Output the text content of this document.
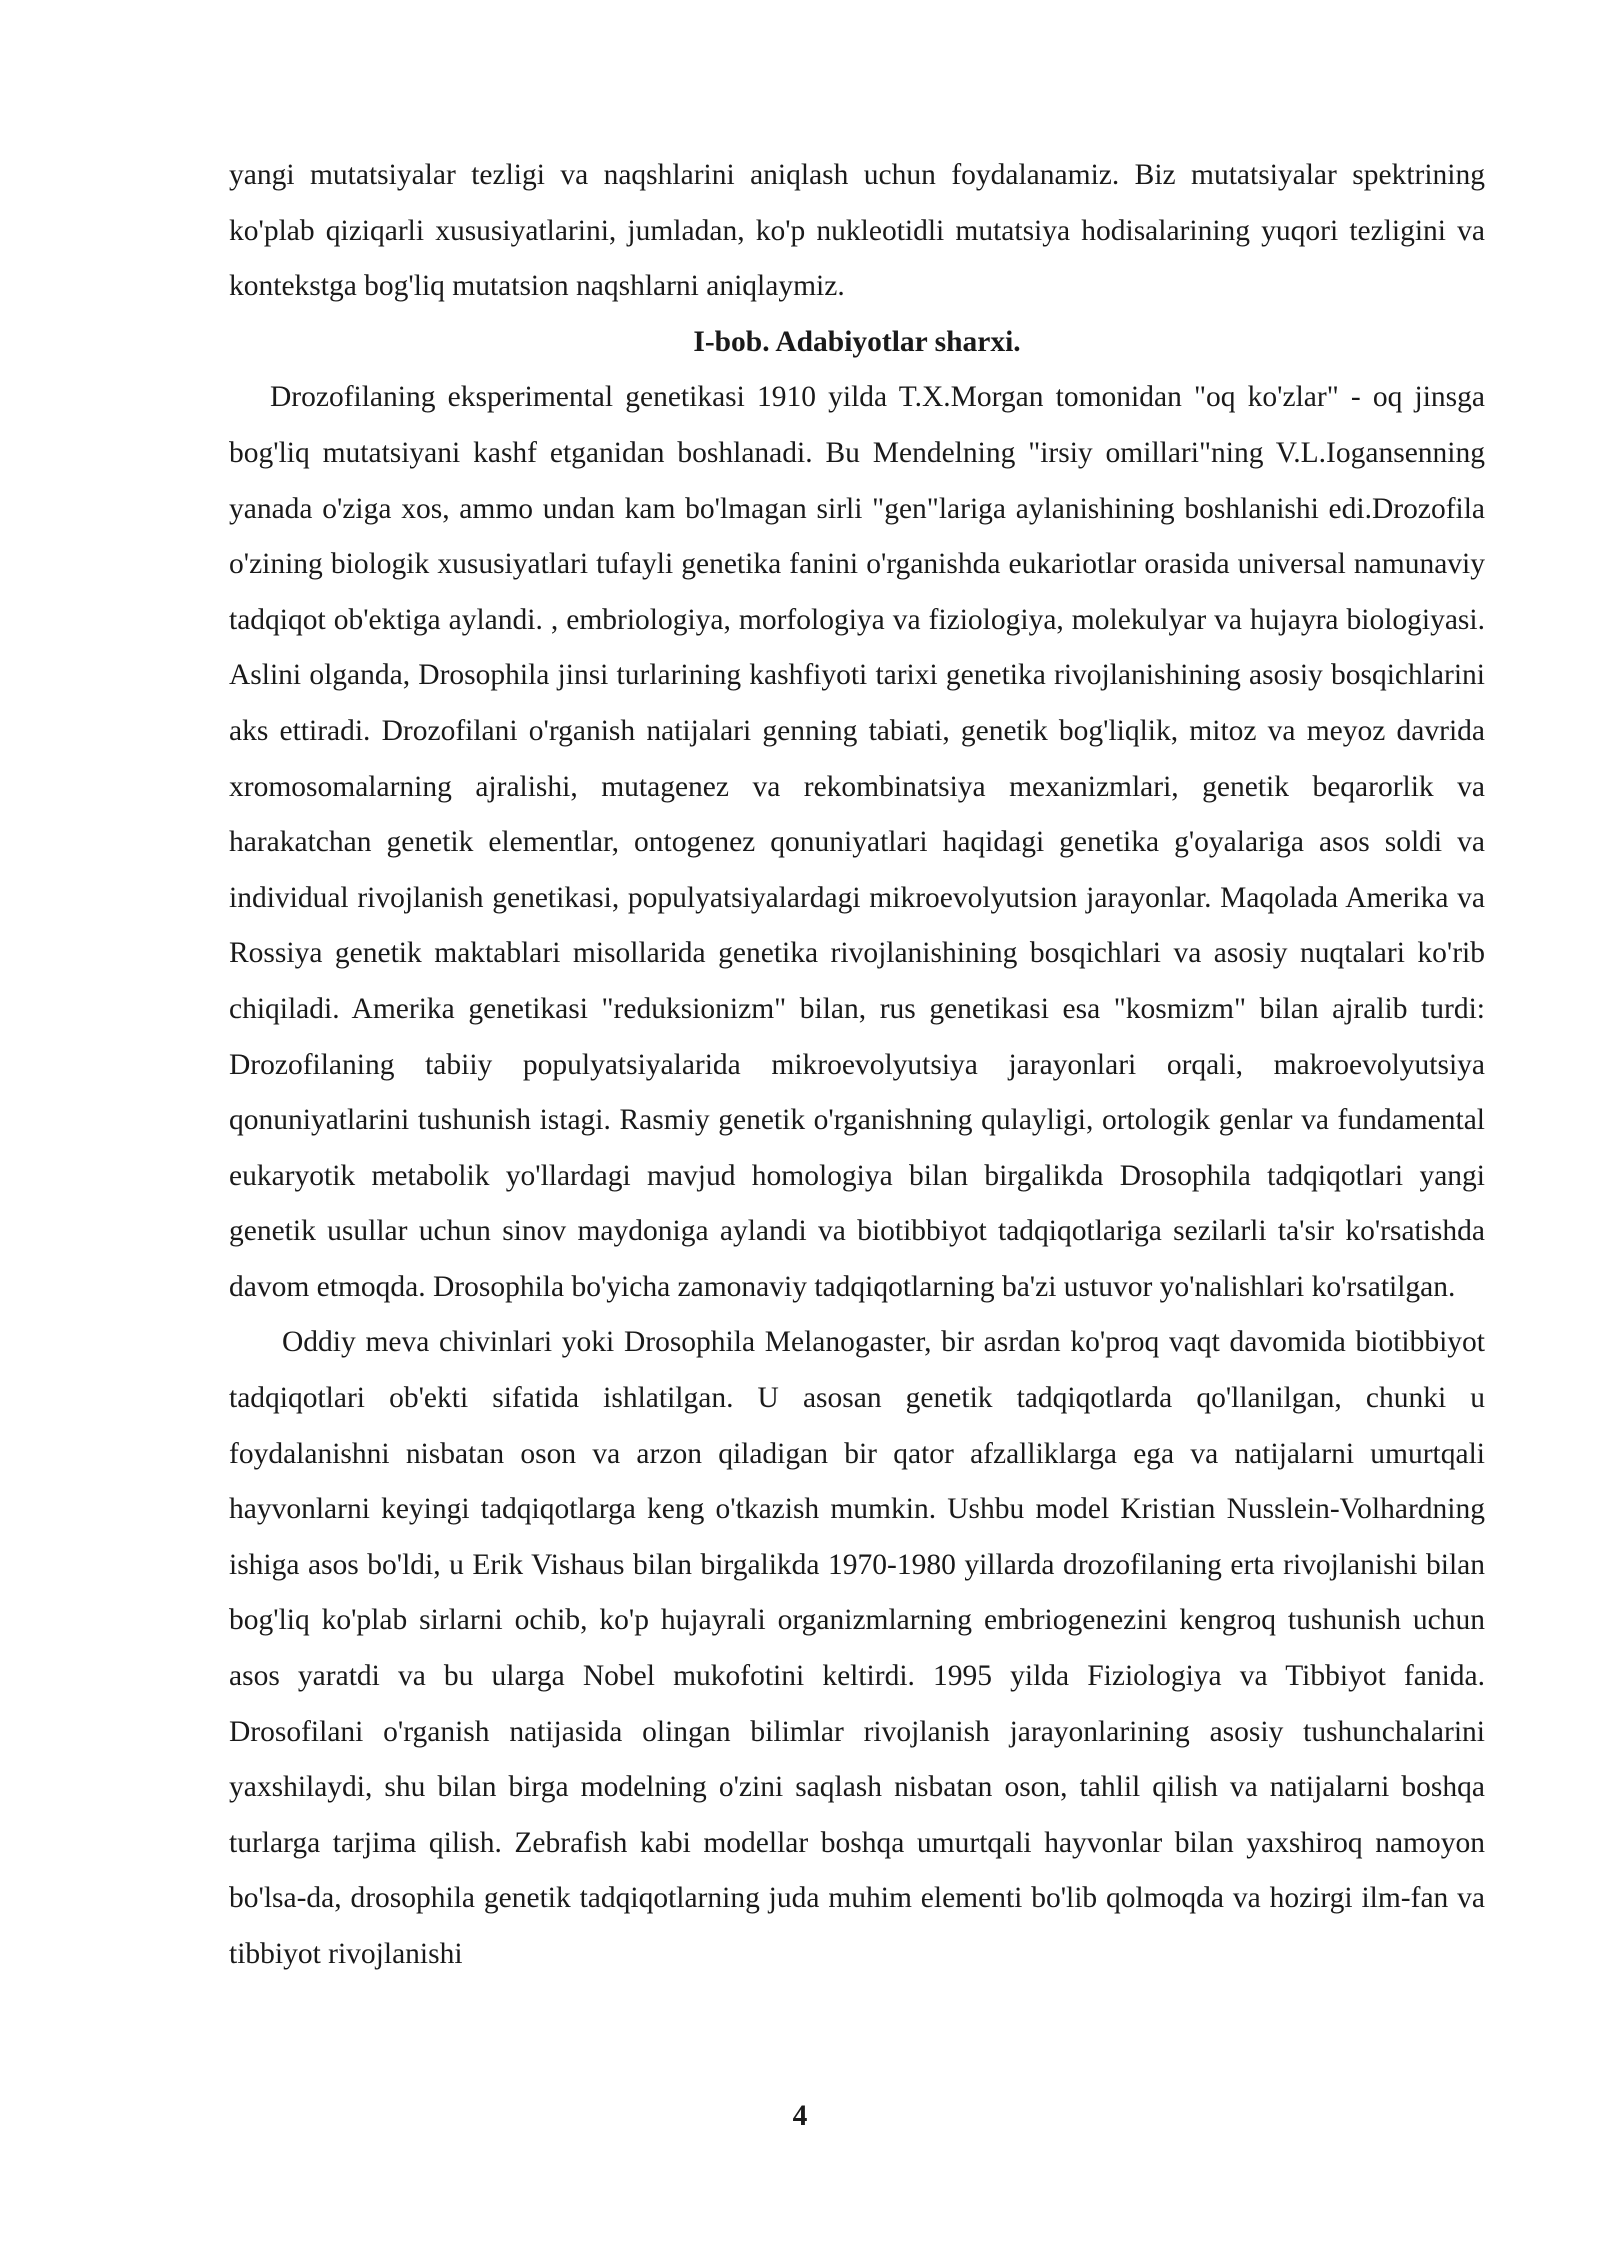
yangi mutatsiyalar tezligi va naqshlarini aniqlash uchun foydalanamiz. Biz mutatsiyalar spektrining ko'plab qiziqarli xususiyatlarini, jumladan, ko'p nukleotidli mutatsiya hodisalarining yuqori tezligini va kontekstga bog'liq mutatsion naqshlarni aniqlaymiz.

I-bob. Adabiyotlar sharxi.

Drozofilaning eksperimental genetikasi 1910 yilda T.X.Morgan tomonidan "oq ko'zlar" - oq jinsga bog'liq mutatsiyani kashf etganidan boshlanadi. Bu Mendelning "irsiy omillari"ning V.L.Iogansenning yanada o'ziga xos, ammo undan kam bo'lmagan sirli "gen"lariga aylanishining boshlanishi edi.Drozofila o'zining biologik xususiyatlari tufayli genetika fanini o'rganishda eukariotlar orasida universal namunaviy tadqiqot ob'ektiga aylandi. , embriologiya, morfologiya va fiziologiya, molekulyar va hujayra biologiyasi. Aslini olganda, Drosophila jinsi turlarining kashfiyoti tarixi genetika rivojlanishining asosiy bosqichlarini aks ettiradi. Drozofilani o'rganish natijalari genning tabiati, genetik bog'liqlik, mitoz va meyoz davrida xromosomalarning ajralishi, mutagenez va rekombinatsiya mexanizmlari, genetik beqarorlik va harakatchan genetik elementlar, ontogenez qonuniyatlari haqidagi genetika g'oyalariga asos soldi va individual rivojlanish genetikasi, populyatsiyalardagi mikroevolyutsion jarayonlar. Maqolada Amerika va Rossiya genetik maktablari misollarida genetika rivojlanishining bosqichlari va asosiy nuqtalari ko'rib chiqiladi. Amerika genetikasi "reduksionizm" bilan, rus genetikasi esa "kosmizm" bilan ajralib turdi: Drozofilaning tabiiy populyatsiyalarida mikroevolyutsiya jarayonlari orqali, makroevolyutsiya qonuniyatlarini tushunish istagi. Rasmiy genetik o'rganishning qulayligi, ortologik genlar va fundamental eukaryotik metabolik yo'llardagi mavjud homologiya bilan birgalikda Drosophila tadqiqotlari yangi genetik usullar uchun sinov maydoniga aylandi va biotibbiyot tadqiqotlariga sezilarli ta'sir ko'rsatishda davom etmoqda. Drosophila bo'yicha zamonaviy tadqiqotlarning ba'zi ustuvor yo'nalishlari ko'rsatilgan.

Oddiy meva chivinlari yoki Drosophila Melanogaster, bir asrdan ko'proq vaqt davomida biotibbiyot tadqiqotlari ob'ekti sifatida ishlatilgan. U asosan genetik tadqiqotlarda qo'llanilgan, chunki u foydalanishni nisbatan oson va arzon qiladigan bir qator afzalliklarga ega va natijalarni umurtqali hayvonlarni keyingi tadqiqotlarga keng o'tkazish mumkin. Ushbu model Kristian Nusslein-Volhardning ishiga asos bo'ldi, u Erik Vishaus bilan birgalikda 1970-1980 yillarda drozofilaning erta rivojlanishi bilan bog'liq ko'plab sirlarni ochib, ko'p hujayrali organizmlarning embriogenezini kengroq tushunish uchun asos yaratdi va bu ularga Nobel mukofotini keltirdi. 1995 yilda Fiziologiya va Tibbiyot fanida. Drosofilani o'rganish natijasida olingan bilimlar rivojlanish jarayonlarining asosiy tushunchalarini yaxshilaydi, shu bilan birga modelning o'zini saqlash nisbatan oson, tahlil qilish va natijalarni boshqa turlarga tarjima qilish. Zebrafish kabi modellar boshqa umurtqali hayvonlar bilan yaxshiroq namoyon bo'lsa-da, drosophila genetik tadqiqotlarning juda muhim elementi bo'lib qolmoqda va hozirgi ilm-fan va tibbiyot rivojlanishi

4
